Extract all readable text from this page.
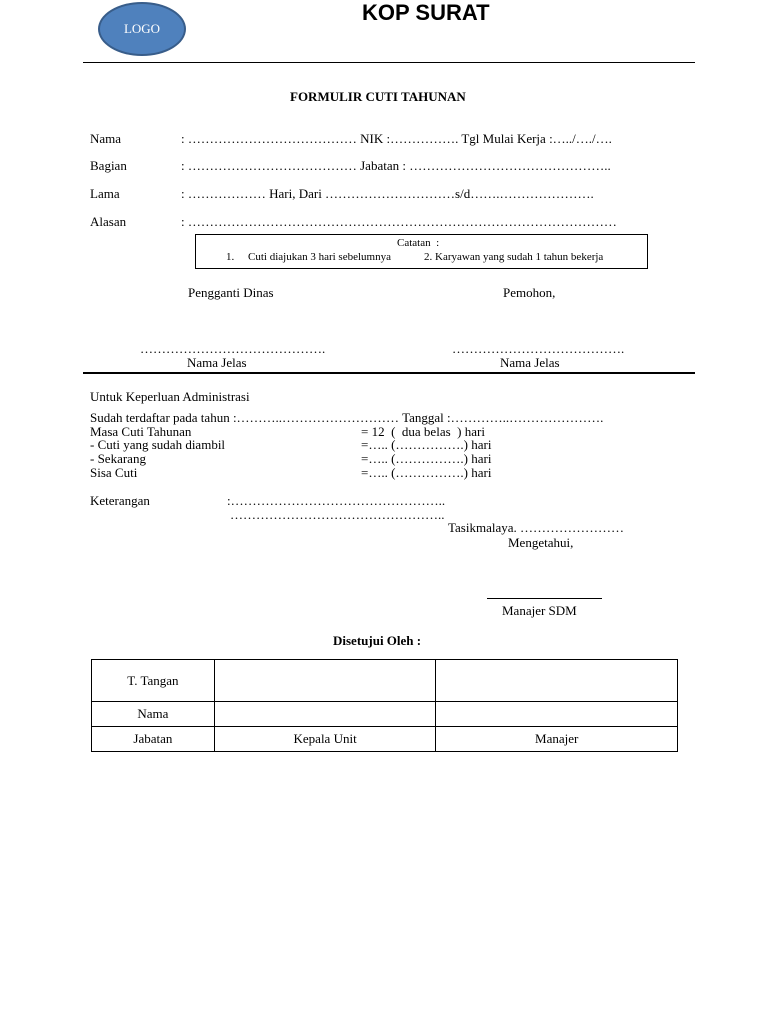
LOGO
KOP SURAT
FORMULIR CUTI TAHUNAN
Nama	: ………………………………… NIK :……………. Tgl Mulai Kerja :…../…./….
Bagian	: ………………………………… Jabatan : ………………………………………..
Lama	: ……………… Hari, Dari …………………………s/d…….………………….
Alasan	: ………………………………………………………………………………………
Catatan  :
1. Cuti diajukan 3 hari sebelumnya	2. Karyawan yang sudah 1 tahun bekerja
Pengganti Dinas	Pemohon,
…………………………………….	………………………………….
Nama Jelas	Nama Jelas
Untuk Keperluan Administrasi
Sudah terdaftar pada tahun :………..……………………… Tanggal :…………..………………….
Masa Cuti Tahunan	= 12  (  dua belas  ) hari
- Cuti yang sudah diambil	=….. (…………….) hari
- Sekarang	=….. (…………….) hari
Sisa Cuti	=….. (…………….) hari
Keterangan	:…………………………………………..
…………………………………………..
Tasikmalaya. ……………………
Mengetahui,
Manajer SDM
Disetujui Oleh :
T. Tangan		
Nama		
Jabatan	Kepala Unit	Manajer
